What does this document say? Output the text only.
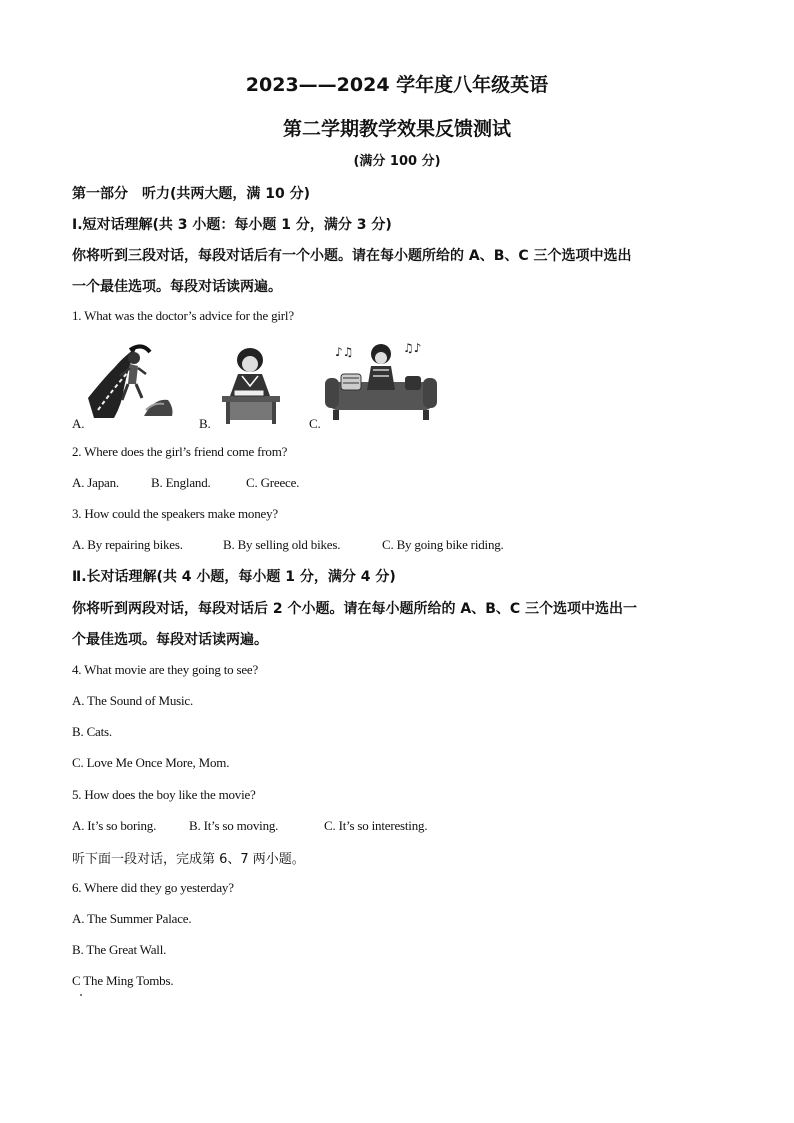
2023——2024 学年度八年级英语
第二学期教学效果反馈测试
(满分 100 分)
第一部分　听力(共两大题，满 10 分)
Ⅰ.短对话理解(共 3 小题：每小题 1 分，满分 3 分)
你将听到三段对话，每段对话后有一个小题。请在每小题所给的 A、B、C 三个选项中选出
一个最佳选项。每段对话读两遍。
1. What was the doctor’s advice for the girl?
♪♫	♫♪
A.	B.	C.
2. Where does the girl’s friend come from?
A. Japan. B. England.	C. Greece.
3. How could the speakers make money?
A. By repairing bikes.	B. By selling old bikes.	C. By going bike riding.
Ⅱ.长对话理解(共 4 小题，每小题 1 分，满分 4 分)
你将听到两段对话，每段对话后 2 个小题。请在每小题所给的 A、B、C 三个选项中选出一
个最佳选项。每段对话读两遍。
4. What movie are they going to see?
A. The Sound of Music.
B. Cats.
C. Love Me Once More, Mom.
5. How does the boy like the movie?
A. It’s so boring.	B. It’s so moving.	C. It’s so interesting.
听下面一段对话，完成第 6、7 两小题。
6. Where did they go yesterday?
A. The Summer Palace.
B. The Great Wall.
C The Ming Tombs.
